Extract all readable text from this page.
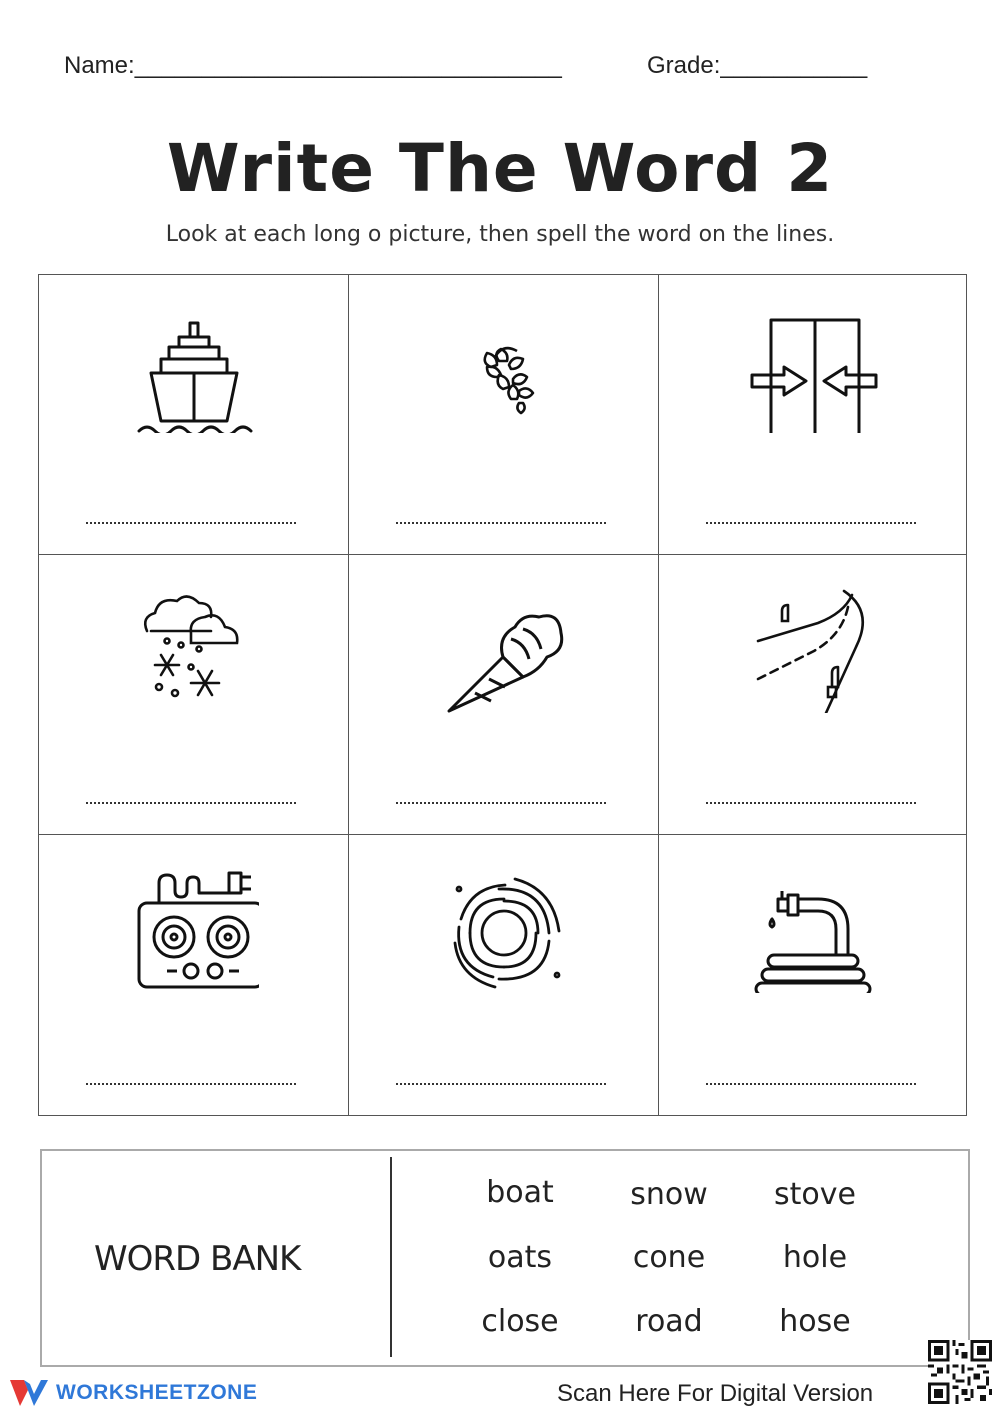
Name:________________________________	Grade:___________
Write The Word 2
Look at each long o picture, then spell the word on the lines.
WORD BANK
boat	snow	stove
oats	cone	hole
close	road	hose
WORKSHEETZONE	Scan Here For Digital Version
